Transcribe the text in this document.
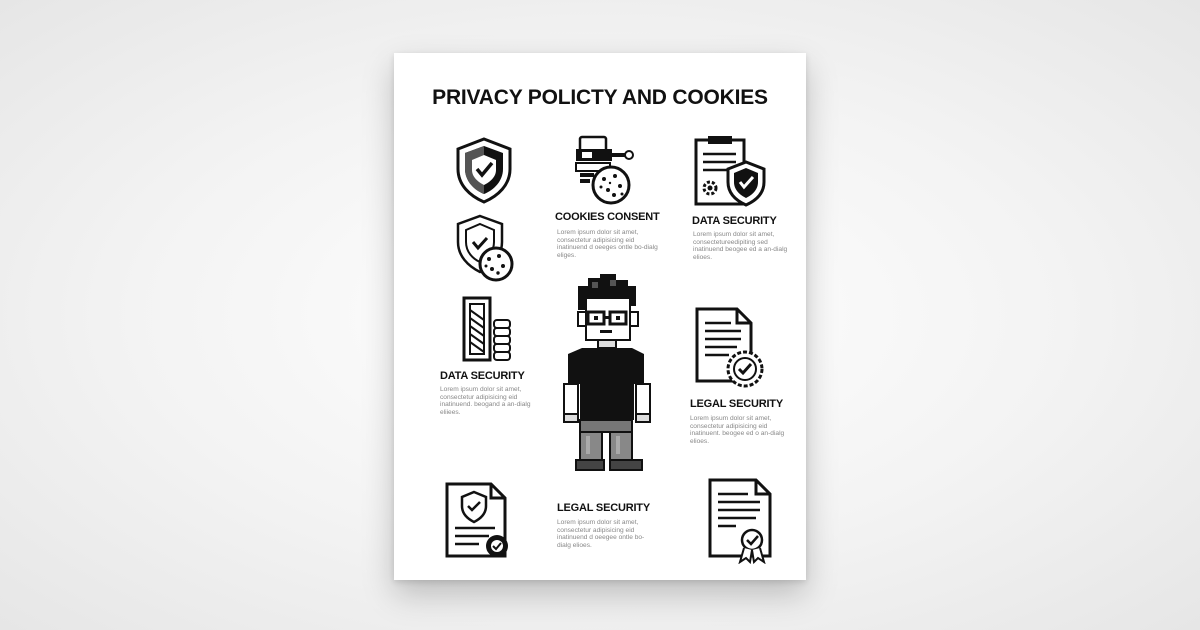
PRIVACY POLICTY AND COOKIES
COOKIES CONSENT

Lorem ipsum dolor sit amet, consectetur adipisicing eid inatinuend d oeeges ontle bo-dialg eliges.

DATA SECURITY

Lorem ipsum dolor sit amet, consectetureedipiting sed inatinuend beogee ed a an-dialg elioes.

DATA SECURITY

Lorem ipsum dolor sit amet, consectetur adipisicing eid inatinuend. beogand a an-dialg eliiees.

LEGAL SECURITY

Lorem ipsum dolor sit amet, consectetur adipisicing eid inatinuent. beogee ed o an-dialg elioes.

LEGAL SECURITY

Lorem ipsum dolor sit amet, consectetur adipisicing eid inatinuend d oeegee ontle bo-dialg elioes.
